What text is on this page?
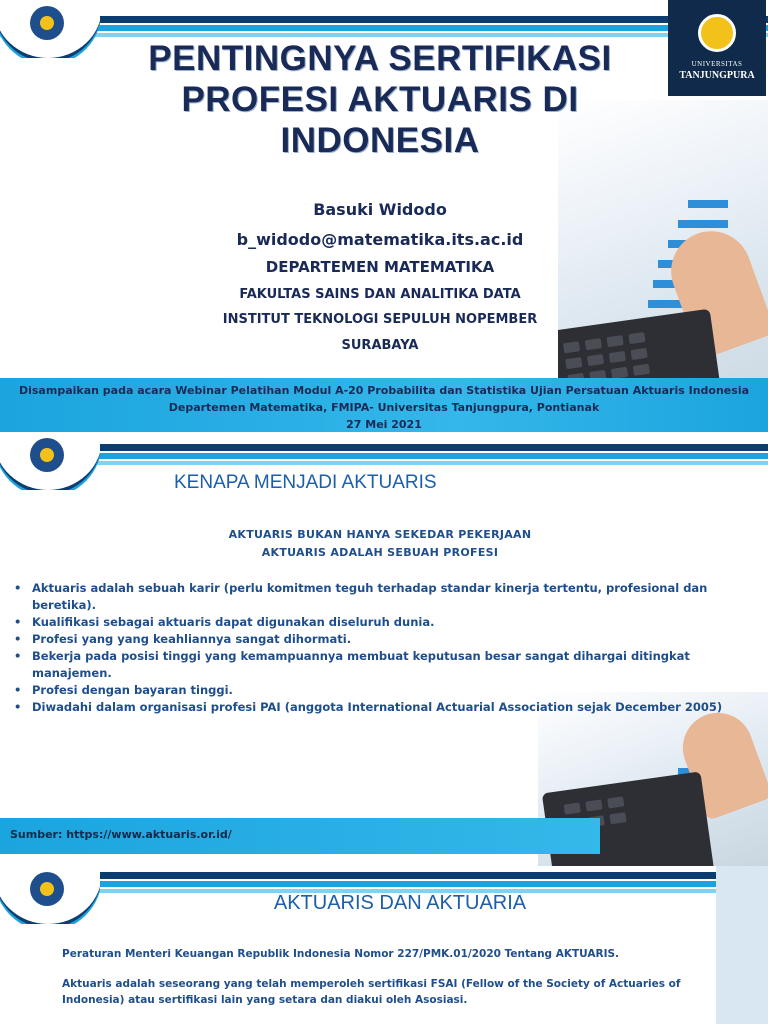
UNIVERSITAS
TANJUNGPURA
PENTINGNYA SERTIFIKASI
PROFESI AKTUARIS DI
INDONESIA
Basuki Widodo
b_widodo@matematika.its.ac.id
DEPARTEMEN MATEMATIKA
FAKULTAS SAINS DAN ANALITIKA DATA
INSTITUT TEKNOLOGI SEPULUH NOPEMBER
SURABAYA
Disampaikan pada acara Webinar Pelatihan Modul A-20 Probabilita dan Statistika Ujian Persatuan Aktuaris Indonesia
Departemen Matematika, FMIPA- Universitas Tanjungpura, Pontianak
27 Mei 2021
KENAPA MENJADI AKTUARIS
AKTUARIS BUKAN HANYA SEKEDAR PEKERJAAN
AKTUARIS ADALAH SEBUAH PROFESI
• Aktuaris adalah sebuah karir (perlu komitmen teguh terhadap standar kinerja tertentu, profesional dan beretika).
• Kualifikasi sebagai aktuaris dapat digunakan diseluruh dunia.
• Profesi yang yang keahliannya sangat dihormati.
• Bekerja pada posisi tinggi yang kemampuannya membuat keputusan besar sangat dihargai ditingkat manajemen.
• Profesi dengan bayaran tinggi.
• Diwadahi dalam organisasi profesi PAI (anggota International Actuarial Association sejak December 2005)
Sumber: https://www.aktuaris.or.id/
AKTUARIS DAN AKTUARIA
Peraturan Menteri Keuangan Republik Indonesia Nomor 227/PMK.01/2020 Tentang AKTUARIS.
Aktuaris adalah seseorang yang telah memperoleh sertifikasi FSAI (Fellow of the Society of Actuaries of Indonesia) atau sertifikasi lain yang setara dan diakui oleh Asosiasi.
